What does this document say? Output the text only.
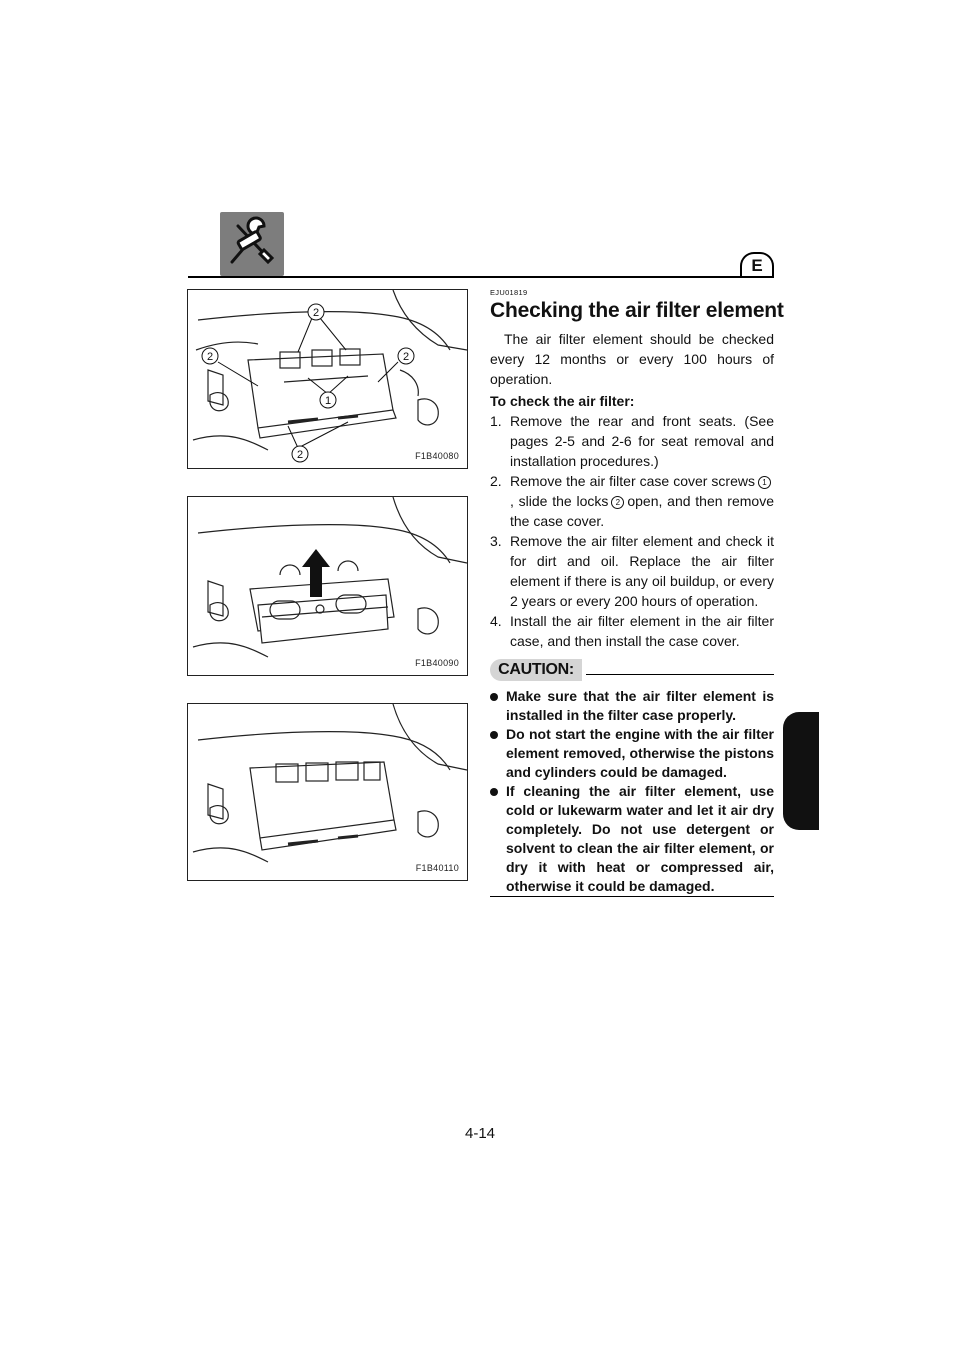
E
2
2	2
1
2	F1B40080
F1B40090
F1B40110
EJU01819
Checking the air filter element

The air filter element should be checked every 12 months or every 100 hours of operation.

To check the air filter:

1. Remove the rear and front seats. (See pages 2-5 and 2-6 for seat removal and installation procedures.)
2. Remove the air filter case cover screws 1, slide the locks 2 open, and then remove the case cover.
3. Remove the air filter element and check it for dirt and oil. Replace the air filter element if there is any oil buildup, or every 2 years or every 200 hours of operation.
4. Install the air filter element in the air filter case, and then install the case cover.
CAUTION:
Make sure that the air filter element is installed in the filter case properly.
Do not start the engine with the air filter element removed, otherwise the pistons and cylinders could be damaged.
If cleaning the air filter element, use cold or lukewarm water and let it air dry completely. Do not use detergent or solvent to clean the air filter element, or dry it with heat or compressed air, otherwise it could be damaged.
4-14
